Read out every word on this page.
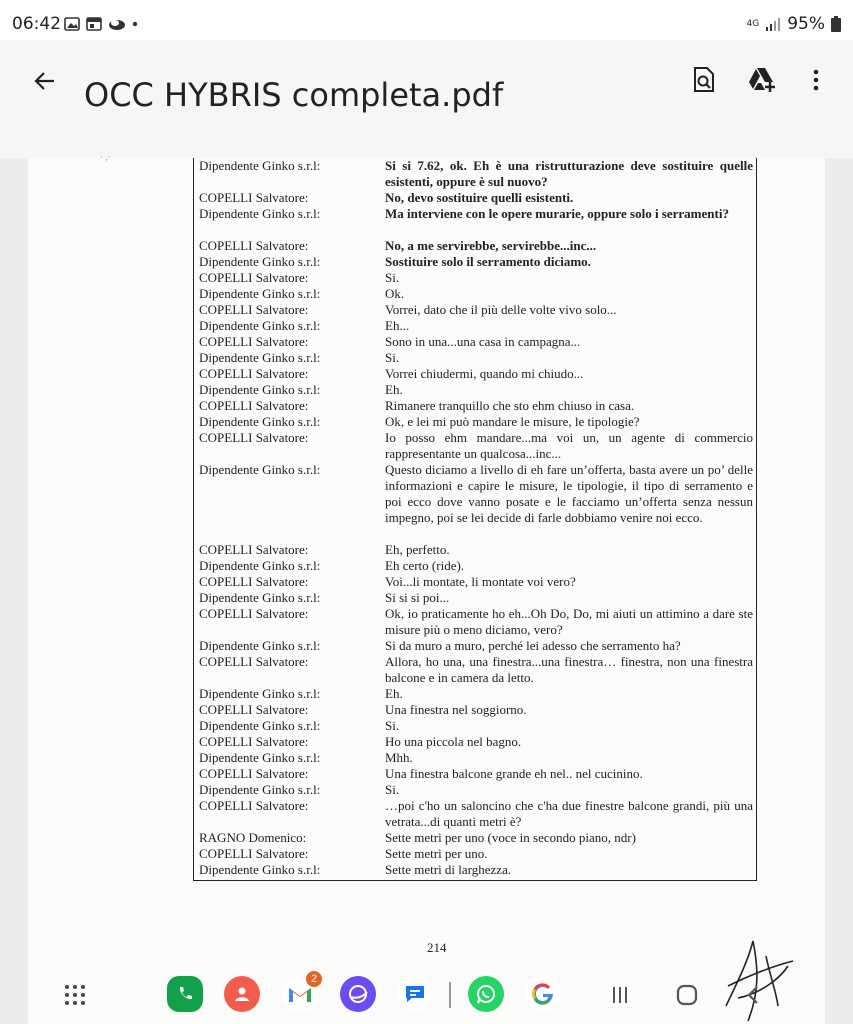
06:42	4G 95%
OCC HYBRIS completa.pdf
· ,·
Dipendente Ginko s.r.l:	Si si 7.62, ok. Eh è una ristrutturazione deve sostituire quelle esistenti, oppure è sul nuovo?
COPELLI Salvatore:	No, devo sostituire quelli esistenti.
Dipendente Ginko s.r.l:	Ma interviene con le opere murarie, oppure solo i serramenti?
COPELLI Salvatore:	No, a me servirebbe, servirebbe...inc...
Dipendente Ginko s.r.l:	Sostituire solo il serramento diciamo.
COPELLI Salvatore:	Si.
Dipendente Ginko s.r.l:	Ok.
COPELLI Salvatore:	Vorrei, dato che il più delle volte vivo solo...
Dipendente Ginko s.r.l:	Eh...
COPELLI Salvatore:	Sono in una...una casa in campagna...
Dipendente Ginko s.r.l:	Si.
COPELLI Salvatore:	Vorrei chiudermi, quando mi chiudo...
Dipendente Ginko s.r.l:	Eh.
COPELLI Salvatore:	Rimanere tranquillo che sto ehm chiuso in casa.
Dipendente Ginko s.r.l:	Ok, e lei mi può mandare le misure, le tipologie?
COPELLI Salvatore:	Io posso ehm mandare...ma voi un, un agente di commercio rappresentante un qualcosa...inc...
Dipendente Ginko s.r.l:	Questo diciamo a livello di eh fare un’offerta, basta avere un po’ delle informazioni e capire le misure, le tipologie, il tipo di serramento e poi ecco dove vanno posate e le facciamo un’offerta senza nessun impegno, poi se lei decide di farle dobbiamo venire noi ecco.
COPELLI Salvatore:	Eh, perfetto.
Dipendente Ginko s.r.l:	Eh certo (ride).
COPELLI Salvatore:	Voi...li montate, li montate voi vero?
Dipendente Ginko s.r.l:	Si si si poi...
COPELLI Salvatore:	Ok, io praticamente ho eh...Oh Do, Do, mi aiuti un attimino a dare ste misure più o meno diciamo, vero?
Dipendente Ginko s.r.l:	Si da muro a muro, perché lei adesso che serramento ha?
COPELLI Salvatore:	Allora, ho una, una finestra...una finestra… finestra, non una finestra balcone e in camera da letto.
Dipendente Ginko s.r.l:	Eh.
COPELLI Salvatore:	Una finestra nel soggiorno.
Dipendente Ginko s.r.l:	Si.
COPELLI Salvatore:	Ho una piccola nel bagno.
Dipendente Ginko s.r.l:	Mhh.
COPELLI Salvatore:	Una finestra balcone grande eh nel.. nel cucinino.
Dipendente Ginko s.r.l:	Si.
COPELLI Salvatore:	…poi c'ho un saloncino che c'ha due finestre balcone grandi, più una vetrata...di quanti metri è?
RAGNO Domenico:	Sette metri per uno (voce in secondo piano, ndr)
COPELLI Salvatore:	Sette metri per uno.
Dipendente Ginko s.r.l:	Sette metri di larghezza.
214
2
